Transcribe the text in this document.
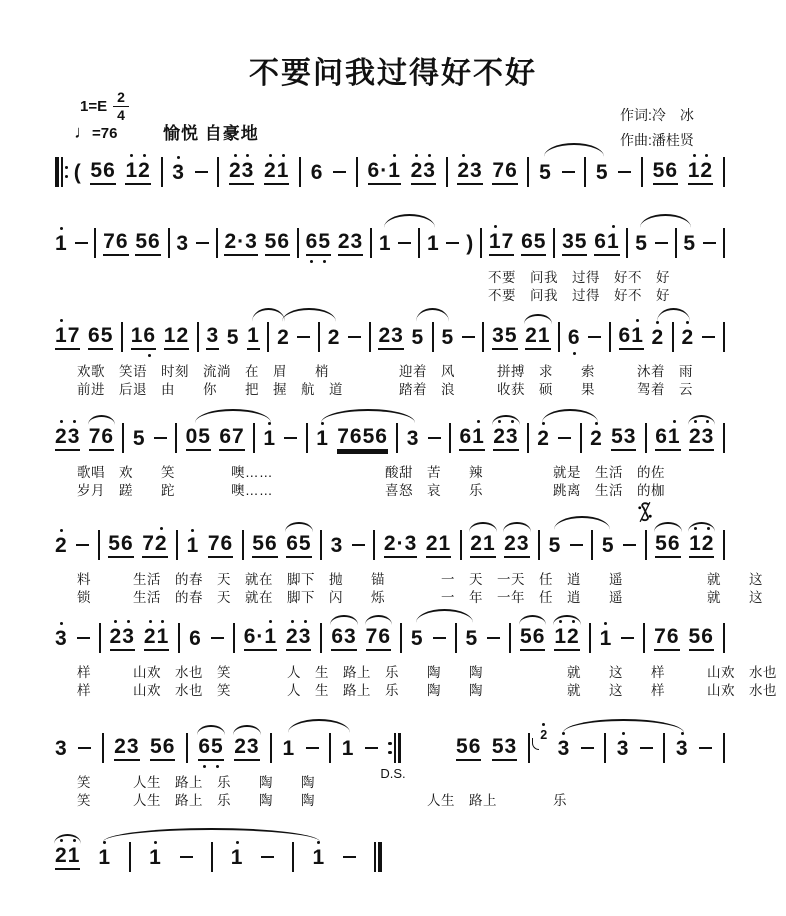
不要问我过得好不好
$1=E \frac{2}{4}$
♩=76	愉悦 自豪地
作词:冷　冰
作曲:潘桂贤
( 56 1
2 3 2
3 2
1 6 6·1 2
3 2
3 76 5 5 56 1
2
1 76 56 3 2·3 56 6
5 23 1 1 ) 1
7 65 35 61 5 5
不要　问我　过得　好不　好
不要　问我　过得　好不　好
1
7 65 16 12 3 5 1 2 2 23 5 5 35 21 6 61 2 2
欢歌　笑语　时刻　流淌　在　眉　　梢　　　　　迎着　风　　　拼搏　求　　索　　　沐着　雨
前进　后退　由　　你　　把　握　航　道　　　　踏着　浪　　　收获　硕　　果　　　驾着　云
2
3 76 5 05 67 1 1 7656 3 61 2
3 2 2 53 61 2
3
歌唱　欢　　笑　　　　噢……　　　　　　　　酸甜　苦　　辣　　　　　就是　生活　的佐
岁月　蹉　　跎　　　　噢……　　　　　　　　喜怒　哀　　乐　　　　　跳离　生活　的枷
2 56 72 1 76 56 65 3 2·3 21 21 23 5 5 56 1
2
料　　　生活　的春　天　就在　脚下　抛　　锚　　　　一　天　一天　任　逍　　遥　　　　　　就　　这
锁　　　生活　的春　天　就在　脚下　闪　　烁　　　　一　年　一年　任　逍　　遥　　　　　　就　　这
3 2
3 2
1 6 6·1 2
3 63 76 5 5 56 1
2 1 76 56
样　　　山欢　水也　笑　　　　人　生　路上　乐　　陶　　陶　　　　　　就　　这　　样　　　山欢　水也
样　　　山欢　水也　笑　　　　人　生　路上　乐　　陶　　陶　　　　　　就　　这　　样　　　山欢　水也
3 23 56 6
5 23 1 1
D.S.
56 53 2
3 3 3
笑　　　人生　路上　乐　　陶　　陶
笑　　　人生　路上　乐　　陶　　陶　　　　　　　　人生　路上　　　　乐
2
1 1 1	1	1
